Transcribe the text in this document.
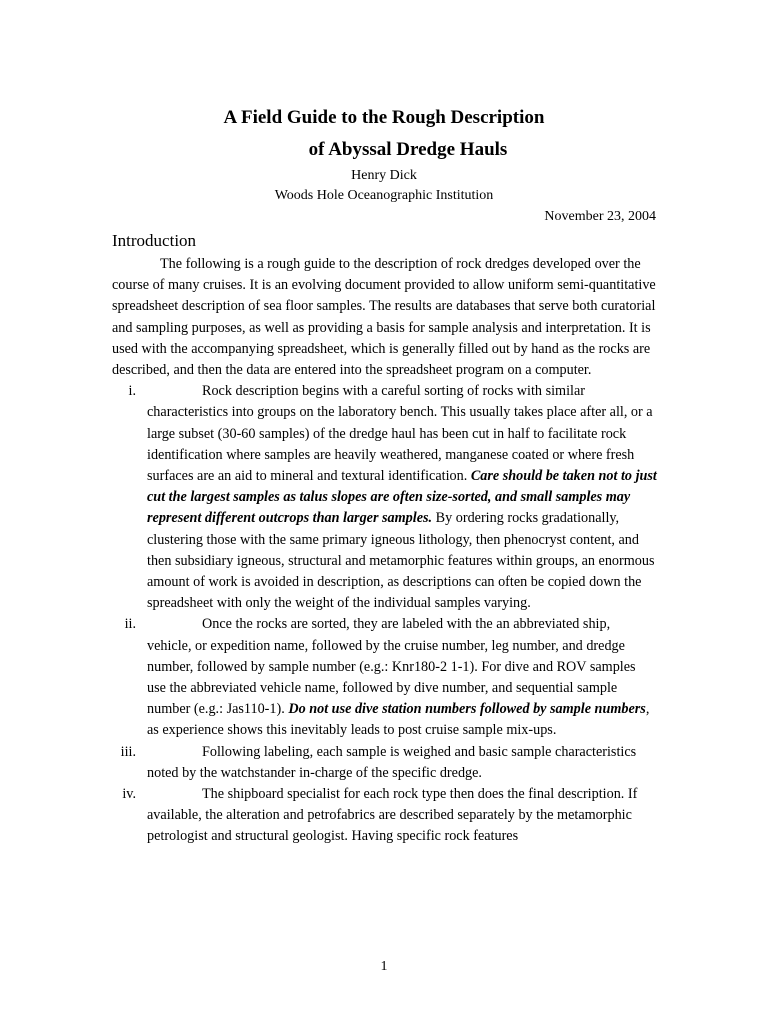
A Field Guide to the Rough Description
of Abyssal Dredge Hauls
Henry Dick
Woods Hole Oceanographic Institution
November 23, 2004
Introduction

The following is a rough guide to the description of rock dredges developed over the course of many cruises. It is an evolving document provided to allow uniform semi-quantitative spreadsheet description of sea floor samples. The results are databases that serve both curatorial and sampling purposes, as well as providing a basis for sample analysis and interpretation. It is used with the accompanying spreadsheet, which is generally filled out by hand as the rocks are described, and then the data are entered into the spreadsheet program on a computer.

i.	Rock description begins with a careful sorting of rocks with similar characteristics into groups on the laboratory bench. This usually takes place after all, or a large subset (30-60 samples) of the dredge haul has been cut in half to facilitate rock identification where samples are heavily weathered, manganese coated or where fresh surfaces are an aid to mineral and textural identification. Care should be taken not to just cut the largest samples as talus slopes are often size-sorted, and small samples may represent different outcrops than larger samples. By ordering rocks gradationally, clustering those with the same primary igneous lithology, then phenocryst content, and then subsidiary igneous, structural and metamorphic features within groups, an enormous amount of work is avoided in description, as descriptions can often be copied down the spreadsheet with only the weight of the individual samples varying.
ii.	Once the rocks are sorted, they are labeled with the an abbreviated ship, vehicle, or expedition name, followed by the cruise number, leg number, and dredge number, followed by sample number (e.g.: Knr180-2 1-1). For dive and ROV samples use the abbreviated vehicle name, followed by dive number, and sequential sample number (e.g.: Jas110-1). Do not use dive station numbers followed by sample numbers, as experience shows this inevitably leads to post cruise sample mix-ups.
iii.	Following labeling, each sample is weighed and basic sample characteristics noted by the watchstander in-charge of the specific dredge.
iv.	The shipboard specialist for each rock type then does the final description. If available, the alteration and petrofabrics are described separately by the metamorphic petrologist and structural geologist. Having specific rock features
1
